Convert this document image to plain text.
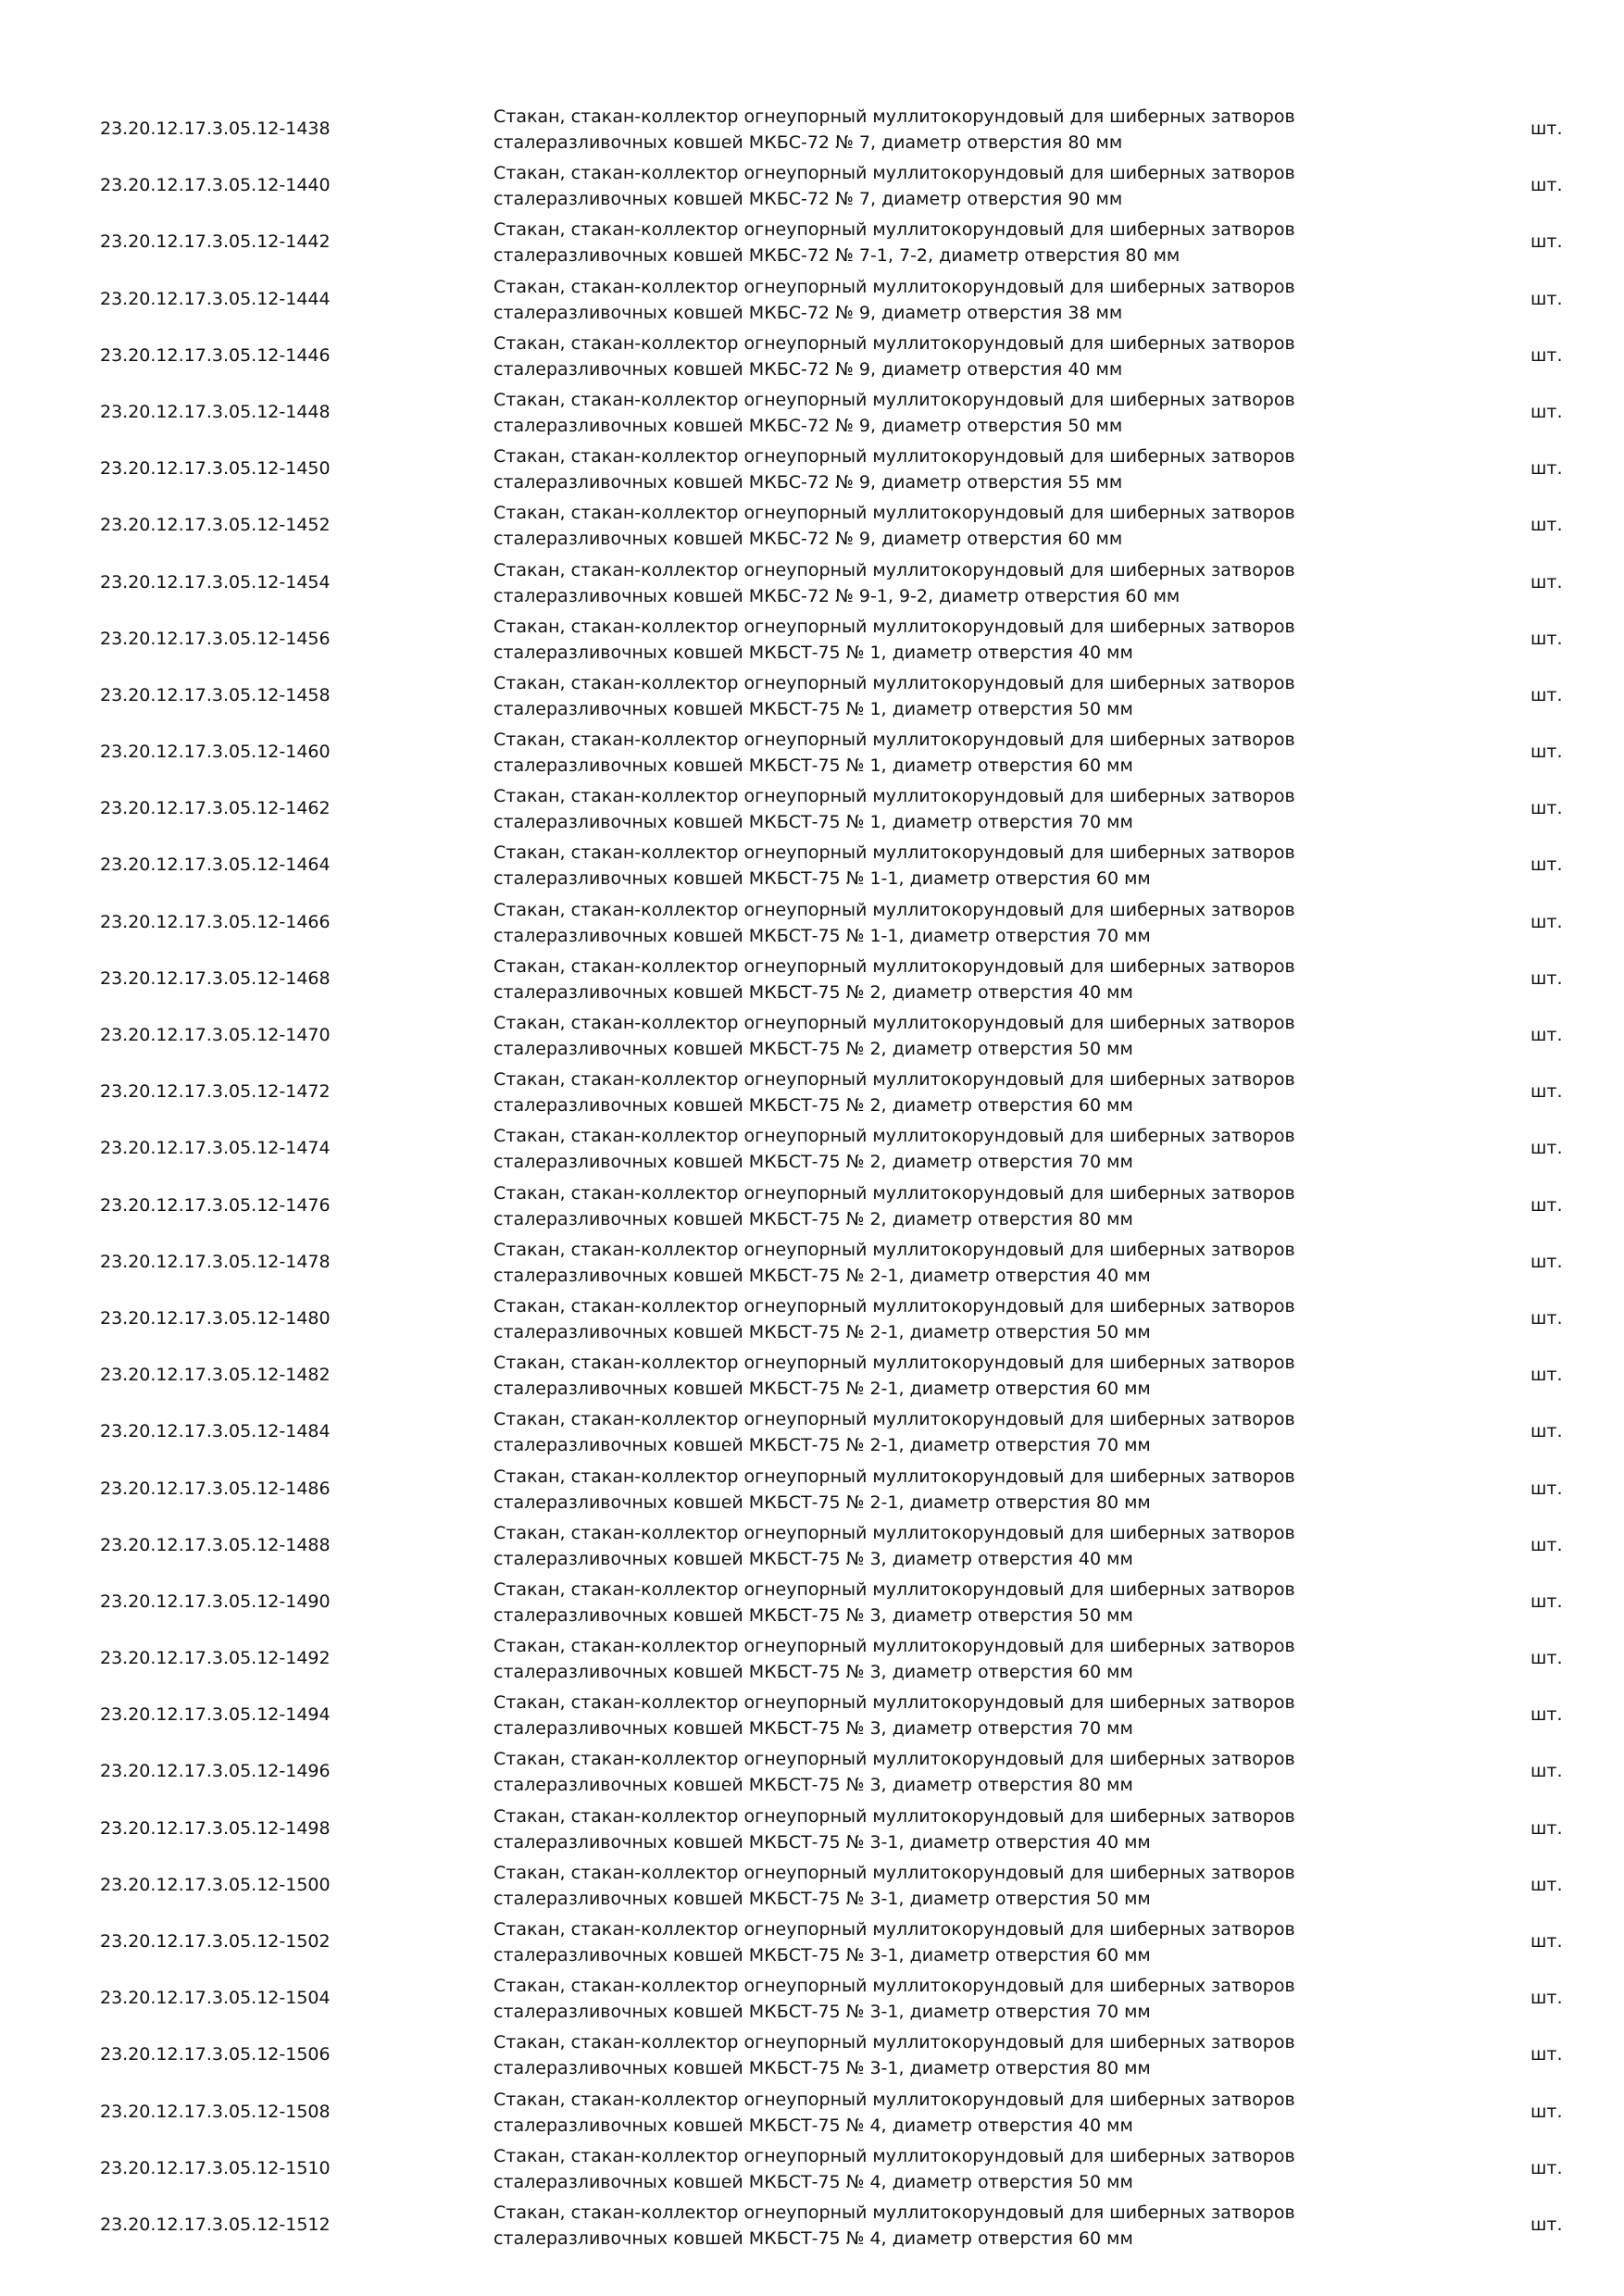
23.20.12.17.3.05.12-1438
Стакан, стакан-коллектор огнеупорный муллитокорундовый для шиберных затворов
сталеразливочных ковшей МКБС-72 № 7, диаметр отверстия 80 мм
шт.
23.20.12.17.3.05.12-1440
Стакан, стакан-коллектор огнеупорный муллитокорундовый для шиберных затворов
сталеразливочных ковшей МКБС-72 № 7, диаметр отверстия 90 мм
шт.
23.20.12.17.3.05.12-1442
Стакан, стакан-коллектор огнеупорный муллитокорундовый для шиберных затворов
сталеразливочных ковшей МКБС-72 № 7-1, 7-2, диаметр отверстия 80 мм
шт.
23.20.12.17.3.05.12-1444
Стакан, стакан-коллектор огнеупорный муллитокорундовый для шиберных затворов
сталеразливочных ковшей МКБС-72 № 9, диаметр отверстия 38 мм
шт.
23.20.12.17.3.05.12-1446
Стакан, стакан-коллектор огнеупорный муллитокорундовый для шиберных затворов
сталеразливочных ковшей МКБС-72 № 9, диаметр отверстия 40 мм
шт.
23.20.12.17.3.05.12-1448
Стакан, стакан-коллектор огнеупорный муллитокорундовый для шиберных затворов
сталеразливочных ковшей МКБС-72 № 9, диаметр отверстия 50 мм
шт.
23.20.12.17.3.05.12-1450
Стакан, стакан-коллектор огнеупорный муллитокорундовый для шиберных затворов
сталеразливочных ковшей МКБС-72 № 9, диаметр отверстия 55 мм
шт.
23.20.12.17.3.05.12-1452
Стакан, стакан-коллектор огнеупорный муллитокорундовый для шиберных затворов
сталеразливочных ковшей МКБС-72 № 9, диаметр отверстия 60 мм
шт.
23.20.12.17.3.05.12-1454
Стакан, стакан-коллектор огнеупорный муллитокорундовый для шиберных затворов
сталеразливочных ковшей МКБС-72 № 9-1, 9-2, диаметр отверстия 60 мм
шт.
23.20.12.17.3.05.12-1456
Стакан, стакан-коллектор огнеупорный муллитокорундовый для шиберных затворов
сталеразливочных ковшей МКБСТ-75 № 1, диаметр отверстия 40 мм
шт.
23.20.12.17.3.05.12-1458
Стакан, стакан-коллектор огнеупорный муллитокорундовый для шиберных затворов
сталеразливочных ковшей МКБСТ-75 № 1, диаметр отверстия 50 мм
шт.
23.20.12.17.3.05.12-1460
Стакан, стакан-коллектор огнеупорный муллитокорундовый для шиберных затворов
сталеразливочных ковшей МКБСТ-75 № 1, диаметр отверстия 60 мм
шт.
23.20.12.17.3.05.12-1462
Стакан, стакан-коллектор огнеупорный муллитокорундовый для шиберных затворов
сталеразливочных ковшей МКБСТ-75 № 1, диаметр отверстия 70 мм
шт.
23.20.12.17.3.05.12-1464
Стакан, стакан-коллектор огнеупорный муллитокорундовый для шиберных затворов
сталеразливочных ковшей МКБСТ-75 № 1-1, диаметр отверстия 60 мм
шт.
23.20.12.17.3.05.12-1466
Стакан, стакан-коллектор огнеупорный муллитокорундовый для шиберных затворов
сталеразливочных ковшей МКБСТ-75 № 1-1, диаметр отверстия 70 мм
шт.
23.20.12.17.3.05.12-1468
Стакан, стакан-коллектор огнеупорный муллитокорундовый для шиберных затворов
сталеразливочных ковшей МКБСТ-75 № 2, диаметр отверстия 40 мм
шт.
23.20.12.17.3.05.12-1470
Стакан, стакан-коллектор огнеупорный муллитокорундовый для шиберных затворов
сталеразливочных ковшей МКБСТ-75 № 2, диаметр отверстия 50 мм
шт.
23.20.12.17.3.05.12-1472
Стакан, стакан-коллектор огнеупорный муллитокорундовый для шиберных затворов
сталеразливочных ковшей МКБСТ-75 № 2, диаметр отверстия 60 мм
шт.
23.20.12.17.3.05.12-1474
Стакан, стакан-коллектор огнеупорный муллитокорундовый для шиберных затворов
сталеразливочных ковшей МКБСТ-75 № 2, диаметр отверстия 70 мм
шт.
23.20.12.17.3.05.12-1476
Стакан, стакан-коллектор огнеупорный муллитокорундовый для шиберных затворов
сталеразливочных ковшей МКБСТ-75 № 2, диаметр отверстия 80 мм
шт.
23.20.12.17.3.05.12-1478
Стакан, стакан-коллектор огнеупорный муллитокорундовый для шиберных затворов
сталеразливочных ковшей МКБСТ-75 № 2-1, диаметр отверстия 40 мм
шт.
23.20.12.17.3.05.12-1480
Стакан, стакан-коллектор огнеупорный муллитокорундовый для шиберных затворов
сталеразливочных ковшей МКБСТ-75 № 2-1, диаметр отверстия 50 мм
шт.
23.20.12.17.3.05.12-1482
Стакан, стакан-коллектор огнеупорный муллитокорундовый для шиберных затворов
сталеразливочных ковшей МКБСТ-75 № 2-1, диаметр отверстия 60 мм
шт.
23.20.12.17.3.05.12-1484
Стакан, стакан-коллектор огнеупорный муллитокорундовый для шиберных затворов
сталеразливочных ковшей МКБСТ-75 № 2-1, диаметр отверстия 70 мм
шт.
23.20.12.17.3.05.12-1486
Стакан, стакан-коллектор огнеупорный муллитокорундовый для шиберных затворов
сталеразливочных ковшей МКБСТ-75 № 2-1, диаметр отверстия 80 мм
шт.
23.20.12.17.3.05.12-1488
Стакан, стакан-коллектор огнеупорный муллитокорундовый для шиберных затворов
сталеразливочных ковшей МКБСТ-75 № 3, диаметр отверстия 40 мм
шт.
23.20.12.17.3.05.12-1490
Стакан, стакан-коллектор огнеупорный муллитокорундовый для шиберных затворов
сталеразливочных ковшей МКБСТ-75 № 3, диаметр отверстия 50 мм
шт.
23.20.12.17.3.05.12-1492
Стакан, стакан-коллектор огнеупорный муллитокорундовый для шиберных затворов
сталеразливочных ковшей МКБСТ-75 № 3, диаметр отверстия 60 мм
шт.
23.20.12.17.3.05.12-1494
Стакан, стакан-коллектор огнеупорный муллитокорундовый для шиберных затворов
сталеразливочных ковшей МКБСТ-75 № 3, диаметр отверстия 70 мм
шт.
23.20.12.17.3.05.12-1496
Стакан, стакан-коллектор огнеупорный муллитокорундовый для шиберных затворов
сталеразливочных ковшей МКБСТ-75 № 3, диаметр отверстия 80 мм
шт.
23.20.12.17.3.05.12-1498
Стакан, стакан-коллектор огнеупорный муллитокорундовый для шиберных затворов
сталеразливочных ковшей МКБСТ-75 № 3-1, диаметр отверстия 40 мм
шт.
23.20.12.17.3.05.12-1500
Стакан, стакан-коллектор огнеупорный муллитокорундовый для шиберных затворов
сталеразливочных ковшей МКБСТ-75 № 3-1, диаметр отверстия 50 мм
шт.
23.20.12.17.3.05.12-1502
Стакан, стакан-коллектор огнеупорный муллитокорундовый для шиберных затворов
сталеразливочных ковшей МКБСТ-75 № 3-1, диаметр отверстия 60 мм
шт.
23.20.12.17.3.05.12-1504
Стакан, стакан-коллектор огнеупорный муллитокорундовый для шиберных затворов
сталеразливочных ковшей МКБСТ-75 № 3-1, диаметр отверстия 70 мм
шт.
23.20.12.17.3.05.12-1506
Стакан, стакан-коллектор огнеупорный муллитокорундовый для шиберных затворов
сталеразливочных ковшей МКБСТ-75 № 3-1, диаметр отверстия 80 мм
шт.
23.20.12.17.3.05.12-1508
Стакан, стакан-коллектор огнеупорный муллитокорундовый для шиберных затворов
сталеразливочных ковшей МКБСТ-75 № 4, диаметр отверстия 40 мм
шт.
23.20.12.17.3.05.12-1510
Стакан, стакан-коллектор огнеупорный муллитокорундовый для шиберных затворов
сталеразливочных ковшей МКБСТ-75 № 4, диаметр отверстия 50 мм
шт.
23.20.12.17.3.05.12-1512
Стакан, стакан-коллектор огнеупорный муллитокорундовый для шиберных затворов
сталеразливочных ковшей МКБСТ-75 № 4, диаметр отверстия 60 мм
шт.
